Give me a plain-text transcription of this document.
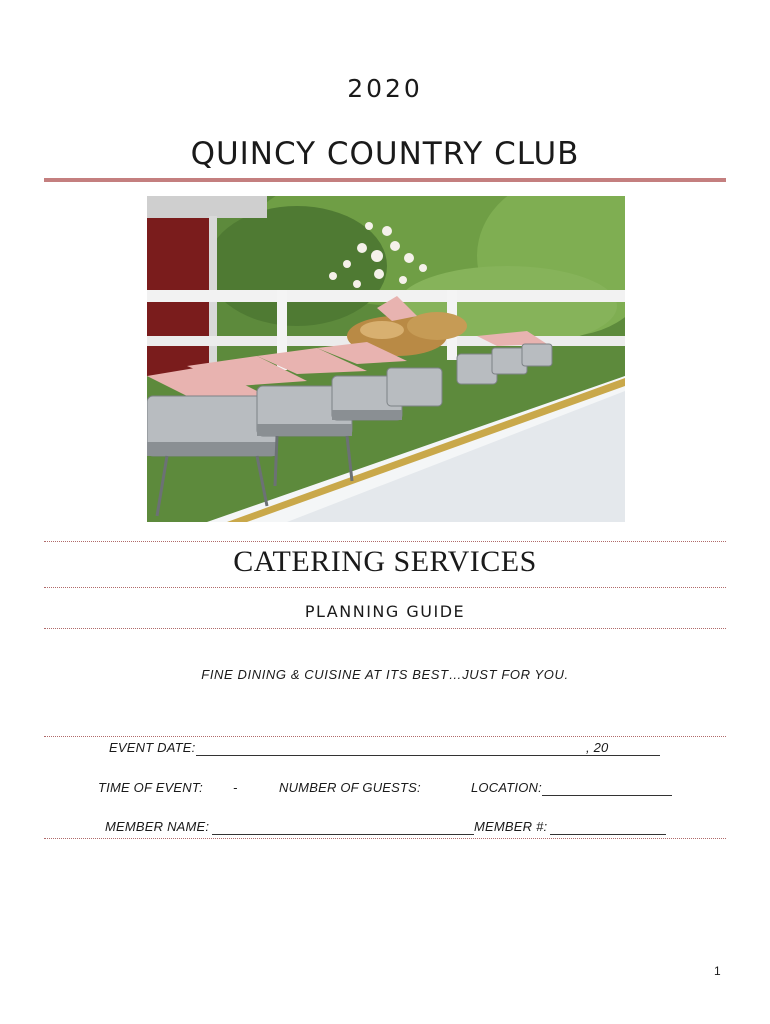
2020
QUINCY COUNTRY CLUB
CATERING SERVICES
PLANNING GUIDE
FINE DINING & CUISINE AT ITS BEST…JUST FOR YOU.
EVENT DATE:	, 20
TIME OF EVENT: -	NUMBER OF GUESTS:	LOCATION:
MEMBER NAME:	MEMBER #:
1
